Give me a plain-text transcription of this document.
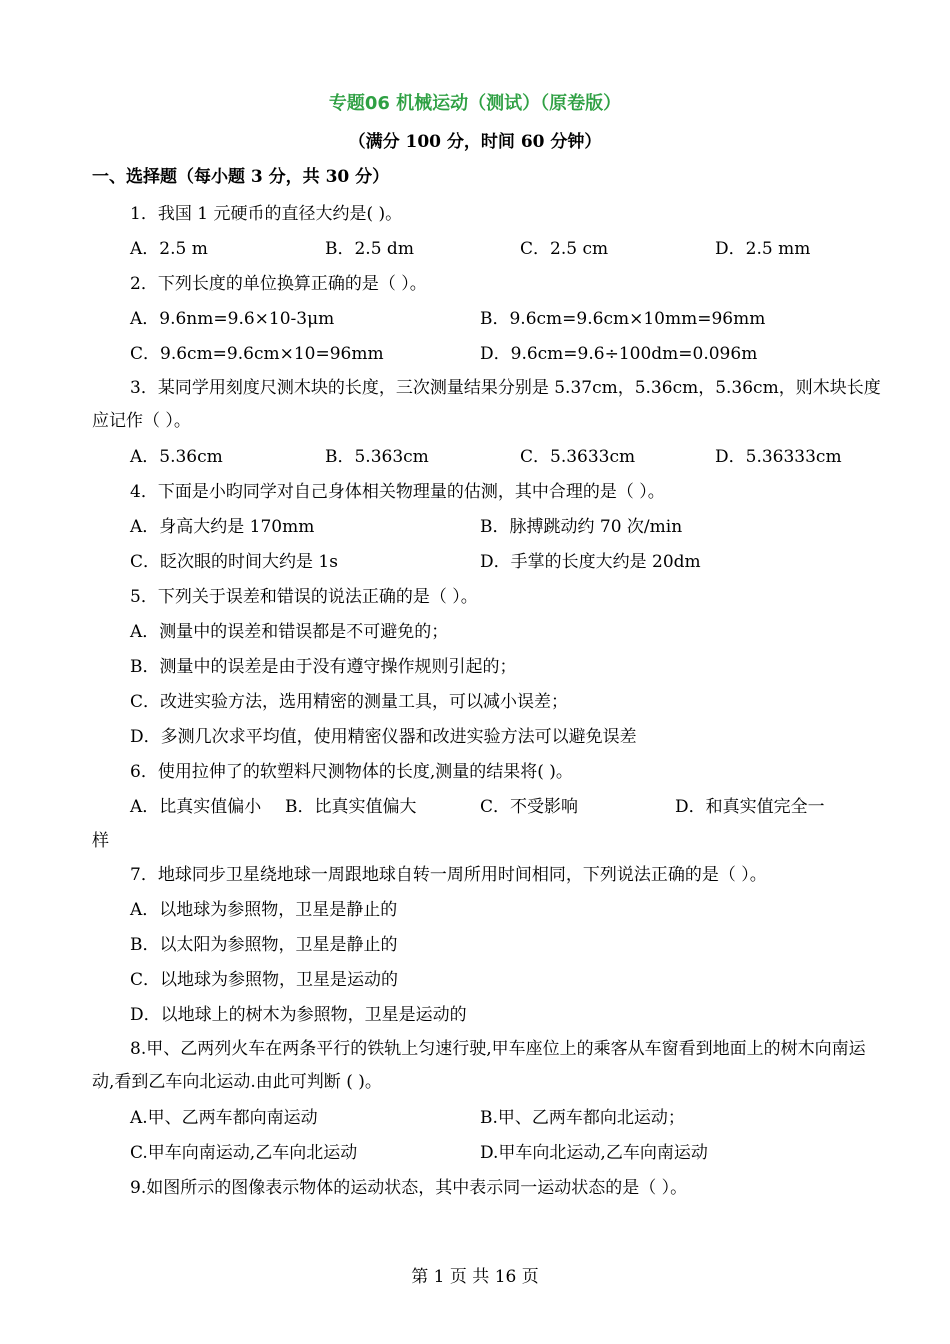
专题06 机械运动（测试）（原卷版）
（满分 100 分，时间 60 分钟）
一、选择题（每小题 3 分，共 30 分）
1．我国 1 元硬币的直径大约是( )。
A．2.5 m	B．2.5 dm	C．2.5 cm	D．2.5 mm
2．下列长度的单位换算正确的是（ ）。
A．9.6nm=9.6×10-3μm	B．9.6cm=9.6cm×10mm=96mm
C．9.6cm=9.6cm×10=96mm	D．9.6cm=9.6÷100dm=0.096m
3．某同学用刻度尺测木块的长度，三次测量结果分别是 5.37cm，5.36cm，5.36cm，则木块长度应记作（ ）。
A．5.36cm	B．5.363cm	C．5.3633cm	D．5.36333cm
4．下面是小昀同学对自己身体相关物理量的估测，其中合理的是（ ）。
A．身高大约是 170mm	B．脉搏跳动约 70 次/min
C．眨次眼的时间大约是 1s	D．手掌的长度大约是 20dm
5．下列关于误差和错误的说法正确的是（ ）。
A．测量中的误差和错误都是不可避免的；
B．测量中的误差是由于没有遵守操作规则引起的；
C．改进实验方法，选用精密的测量工具，可以减小误差；
D．多测几次求平均值，使用精密仪器和改进实验方法可以避免误差
6．使用拉伸了的软塑料尺测物体的长度,测量的结果将( )。
A．比真实值偏小	B．比真实值偏大	C．不受影响	D．和真实值完全一
样
7．地球同步卫星绕地球一周跟地球自转一周所用时间相同，下列说法正确的是（ ）。
A．以地球为参照物，卫星是静止的
B．以太阳为参照物，卫星是静止的
C．以地球为参照物，卫星是运动的
D．以地球上的树木为参照物，卫星是运动的
8.甲、乙两列火车在两条平行的铁轨上匀速行驶,甲车座位上的乘客从车窗看到地面上的树木向南运动,看到乙车向北运动.由此可判断 ( )。
A.甲、乙两车都向南运动	B.甲、乙两车都向北运动；
C.甲车向南运动,乙车向北运动	D.甲车向北运动,乙车向南运动
9.如图所示的图像表示物体的运动状态，其中表示同一运动状态的是（ ）。
第 1 页 共 16 页
